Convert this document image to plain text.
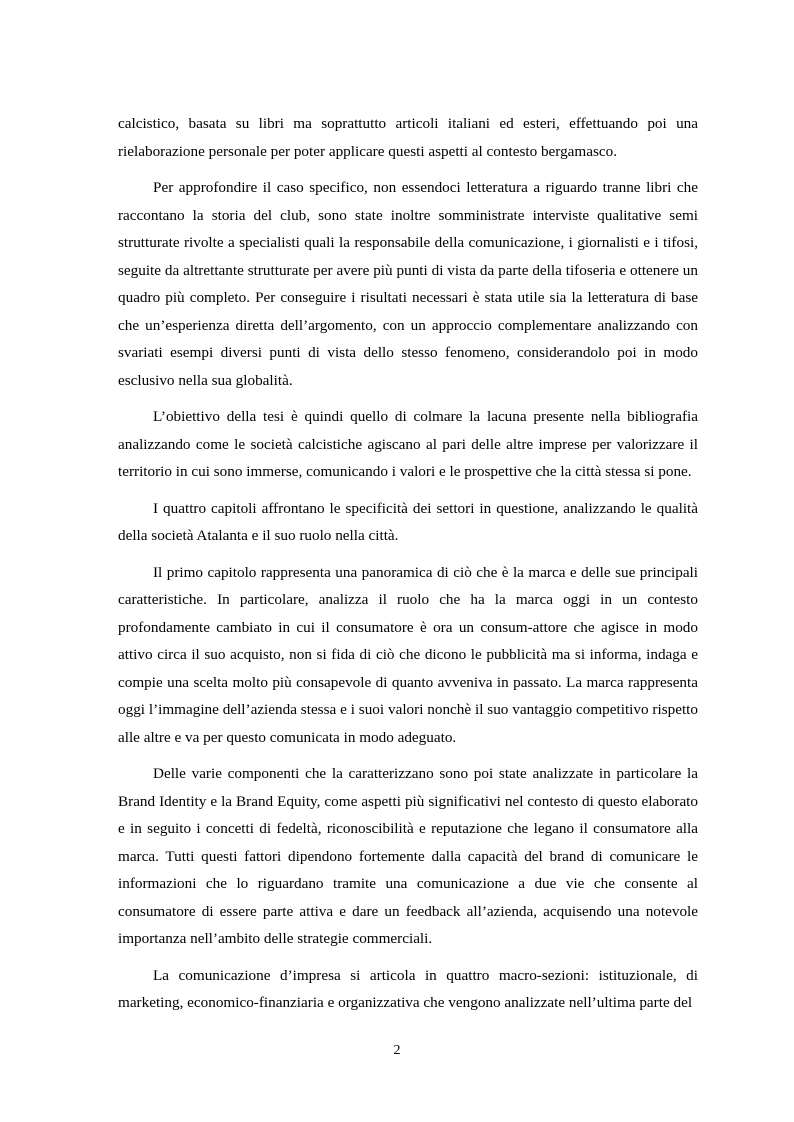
calcistico, basata su libri ma soprattutto articoli italiani ed esteri, effettuando poi una rielaborazione personale per poter applicare questi aspetti al contesto bergamasco.

Per approfondire il caso specifico, non essendoci letteratura a riguardo tranne libri che raccontano la storia del club, sono state inoltre somministrate interviste qualitative semi strutturate rivolte a specialisti quali la responsabile della comunicazione, i giornalisti e i tifosi, seguite da altrettante strutturate per avere più punti di vista da parte della tifoseria e ottenere un quadro più completo. Per conseguire i risultati necessari è stata utile sia la letteratura di base che un’esperienza diretta dell’argomento, con un approccio complementare analizzando con svariati esempi diversi punti di vista dello stesso fenomeno, considerandolo poi in modo esclusivo nella sua globalità.

L’obiettivo della tesi è quindi quello di colmare la lacuna presente nella bibliografia analizzando come le società calcistiche agiscano al pari delle altre imprese per valorizzare il territorio in cui sono immerse, comunicando i valori e le prospettive che la città stessa si pone.

I quattro capitoli affrontano le specificità dei settori in questione, analizzando le qualità della società Atalanta e il suo ruolo nella città.

Il primo capitolo rappresenta una panoramica di ciò che è la marca e delle sue principali caratteristiche. In particolare, analizza il ruolo che ha la marca oggi in un contesto profondamente cambiato in cui il consumatore è ora un consum-attore che agisce in modo attivo circa il suo acquisto, non si fida di ciò che dicono le pubblicità ma si informa, indaga e compie una scelta molto più consapevole di quanto avveniva in passato. La marca rappresenta oggi l’immagine dell’azienda stessa e i suoi valori nonchè il suo vantaggio competitivo rispetto alle altre e va per questo comunicata in modo adeguato.

Delle varie componenti che la caratterizzano sono poi state analizzate in particolare la Brand Identity e la Brand Equity, come aspetti più significativi nel contesto di questo elaborato e in seguito i concetti di fedeltà, riconoscibilità e reputazione che legano il consumatore alla marca. Tutti questi fattori dipendono fortemente dalla capacità del brand di comunicare le informazioni che lo riguardano tramite una comunicazione a due vie che consente al consumatore di essere parte attiva e dare un feedback all’azienda, acquisendo una notevole importanza nell’ambito delle strategie commerciali.

La comunicazione d’impresa si articola in quattro macro-sezioni: istituzionale, di marketing, economico-finanziaria e organizzativa che vengono analizzate nell’ultima parte del

2
